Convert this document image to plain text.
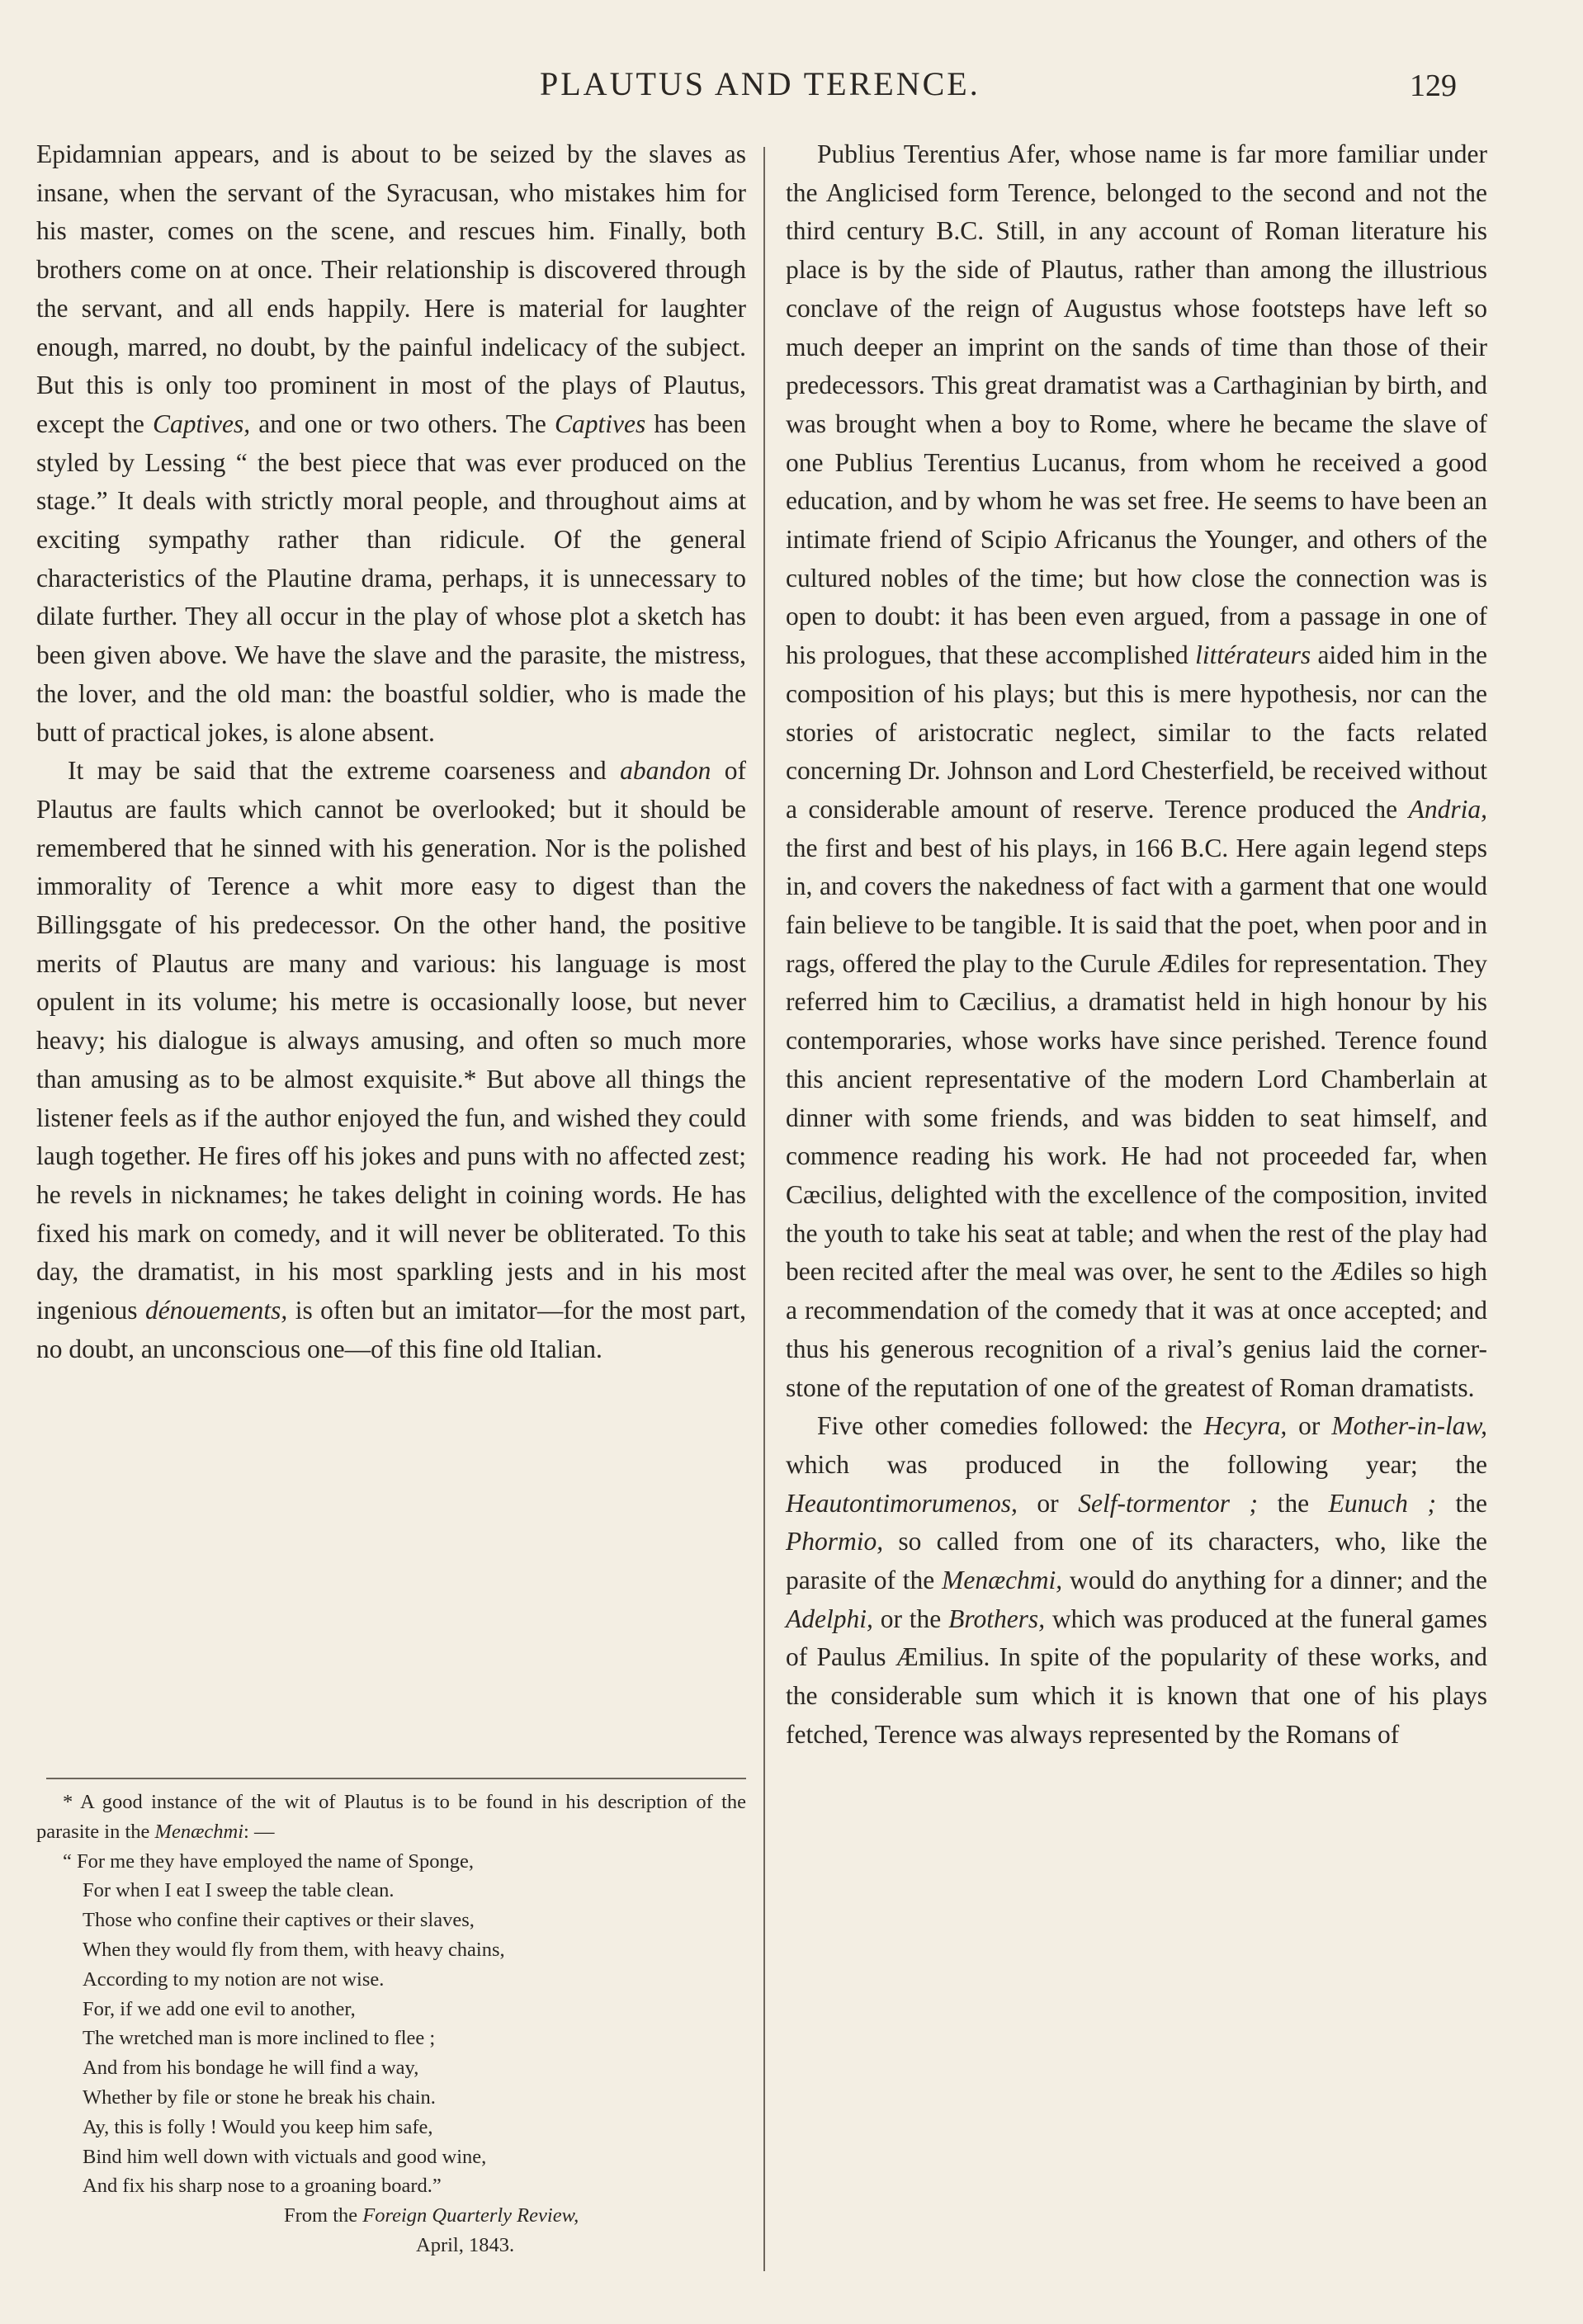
PLAUTUS AND TERENCE.	129

Epidamnian appears, and is about to be seized by the slaves as insane, when the servant of the Syracusan, who mistakes him for his master, comes on the scene, and rescues him. Finally, both brothers come on at once. Their relationship is discovered through the servant, and all ends happily. Here is material for laughter enough, marred, no doubt, by the painful indelicacy of the subject. But this is only too prominent in most of the plays of Plautus, except the Captives, and one or two others. The Captives has been styled by Lessing “ the best piece that was ever produced on the stage.” It deals with strictly moral people, and throughout aims at exciting sympathy rather than ridicule. Of the general characteristics of the Plautine drama, perhaps, it is unnecessary to dilate further. They all occur in the play of whose plot a sketch has been given above. We have the slave and the parasite, the mistress, the lover, and the old man: the boastful soldier, who is made the butt of practical jokes, is alone absent.

It may be said that the extreme coarseness and abandon of Plautus are faults which cannot be overlooked; but it should be remembered that he sinned with his generation. Nor is the polished immorality of Terence a whit more easy to digest than the Billingsgate of his predecessor. On the other hand, the positive merits of Plautus are many and various: his language is most opulent in its volume; his metre is occasionally loose, but never heavy; his dialogue is always amusing, and often so much more than amusing as to be almost exquisite.* But above all things the listener feels as if the author enjoyed the fun, and wished they could laugh together. He fires off his jokes and puns with no affected zest; he revels in nicknames; he takes delight in coining words. He has fixed his mark on comedy, and it will never be obliterated. To this day, the dramatist, in his most sparkling jests and in his most ingenious dénouements, is often but an imitator—for the most part, no doubt, an unconscious one—of this fine old Italian.

* A good instance of the wit of Plautus is to be found in his description of the parasite in the Menæchmi: —

“ For me they have employed the name of Sponge,
For when I eat I sweep the table clean.
Those who confine their captives or their slaves,
When they would fly from them, with heavy chains,
According to my notion are not wise.
For, if we add one evil to another,
The wretched man is more inclined to flee ;
And from his bondage he will find a way,
Whether by file or stone he break his chain.
Ay, this is folly ! Would you keep him safe,
Bind him well down with victuals and good wine,
And fix his sharp nose to a groaning board.”

From the Foreign Quarterly Review,

April, 1843.

Publius Terentius Afer, whose name is far more familiar under the Anglicised form Terence, belonged to the second and not the third century B.C. Still, in any account of Roman literature his place is by the side of Plautus, rather than among the illustrious conclave of the reign of Augustus whose footsteps have left so much deeper an imprint on the sands of time than those of their predecessors. This great dramatist was a Carthaginian by birth, and was brought when a boy to Rome, where he became the slave of one Publius Terentius Lucanus, from whom he received a good education, and by whom he was set free. He seems to have been an intimate friend of Scipio Africanus the Younger, and others of the cultured nobles of the time; but how close the connection was is open to doubt: it has been even argued, from a passage in one of his prologues, that these accomplished littérateurs aided him in the composition of his plays; but this is mere hypothesis, nor can the stories of aristocratic neglect, similar to the facts related concerning Dr. Johnson and Lord Chesterfield, be received without a considerable amount of reserve. Terence produced the Andria, the first and best of his plays, in 166 B.C. Here again legend steps in, and covers the nakedness of fact with a garment that one would fain believe to be tangible. It is said that the poet, when poor and in rags, offered the play to the Curule Ædiles for representation. They referred him to Cæcilius, a dramatist held in high honour by his contemporaries, whose works have since perished. Terence found this ancient representative of the modern Lord Chamberlain at dinner with some friends, and was bidden to seat himself, and commence reading his work. He had not proceeded far, when Cæcilius, delighted with the excellence of the composition, invited the youth to take his seat at table; and when the rest of the play had been recited after the meal was over, he sent to the Ædiles so high a recommendation of the comedy that it was at once accepted; and thus his generous recognition of a rival’s genius laid the corner-stone of the reputation of one of the greatest of Roman dramatists.

Five other comedies followed: the Hecyra, or Mother-in-law, which was produced in the following year; the Heautontimorumenos, or Self-tormentor ; the Eunuch ; the Phormio, so called from one of its characters, who, like the parasite of the Menæchmi, would do anything for a dinner; and the Adelphi, or the Brothers, which was produced at the funeral games of Paulus Æmilius. In spite of the popularity of these works, and the considerable sum which it is known that one of his plays fetched, Terence was always represented by the Romans of
